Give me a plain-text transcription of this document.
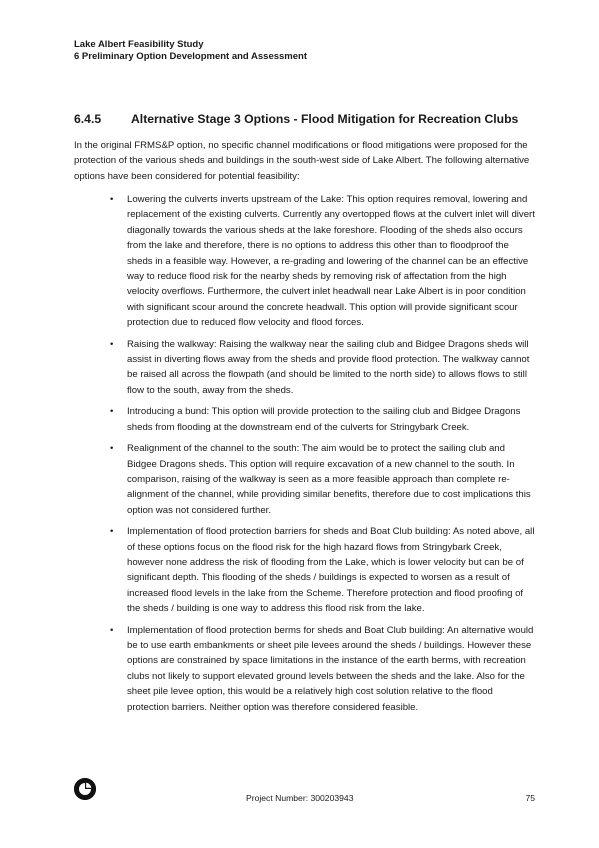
Lake Albert Feasibility Study
6 Preliminary Option Development and Assessment
6.4.5 Alternative Stage 3 Options - Flood Mitigation for Recreation Clubs

In the original FRMS&P option, no specific channel modifications or flood mitigations were proposed for the protection of the various sheds and buildings in the south-west side of Lake Albert. The following alternative options have been considered for potential feasibility:

• Lowering the culverts inverts upstream of the Lake: This option requires removal, lowering and replacement of the existing culverts. Currently any overtopped flows at the culvert inlet will divert diagonally towards the various sheds at the lake foreshore. Flooding of the sheds also occurs from the lake and therefore, there is no options to address this other than to floodproof the sheds in a feasible way. However, a re-grading and lowering of the channel can be an effective way to reduce flood risk for the nearby sheds by removing risk of affectation from the high velocity overflows. Furthermore, the culvert inlet headwall near Lake Albert is in poor condition with significant scour around the concrete headwall. This option will provide significant scour protection due to reduced flow velocity and flood forces.
• Raising the walkway: Raising the walkway near the sailing club and Bidgee Dragons sheds will assist in diverting flows away from the sheds and provide flood protection. The walkway cannot be raised all across the flowpath (and should be limited to the north side) to allows flows to still flow to the south, away from the sheds.
• Introducing a bund: This option will provide protection to the sailing club and Bidgee Dragons sheds from flooding at the downstream end of the culverts for Stringybark Creek.
• Realignment of the channel to the south: The aim would be to protect the sailing club and Bidgee Dragons sheds. This option will require excavation of a new channel to the south. In comparison, raising of the walkway is seen as a more feasible approach than complete re-alignment of the channel, while providing similar benefits, therefore due to cost implications this option was not considered further.
• Implementation of flood protection barriers for sheds and Boat Club building: As noted above, all of these options focus on the flood risk for the high hazard flows from Stringybark Creek, however none address the risk of flooding from the Lake, which is lower velocity but can be of significant depth. This flooding of the sheds / buildings is expected to worsen as a result of increased flood levels in the lake from the Scheme. Therefore protection and flood proofing of the sheds / building is one way to address this flood risk from the lake.
• Implementation of flood protection berms for sheds and Boat Club building: An alternative would be to use earth embankments or sheet pile levees around the sheds / buildings. However these options are constrained by space limitations in the instance of the earth berms, with recreation clubs not likely to support elevated ground levels between the sheds and the lake. Also for the sheet pile levee option, this would be a relatively high cost solution relative to the flood protection barriers. Neither option was therefore considered feasible.
Project Number: 300203943	75
